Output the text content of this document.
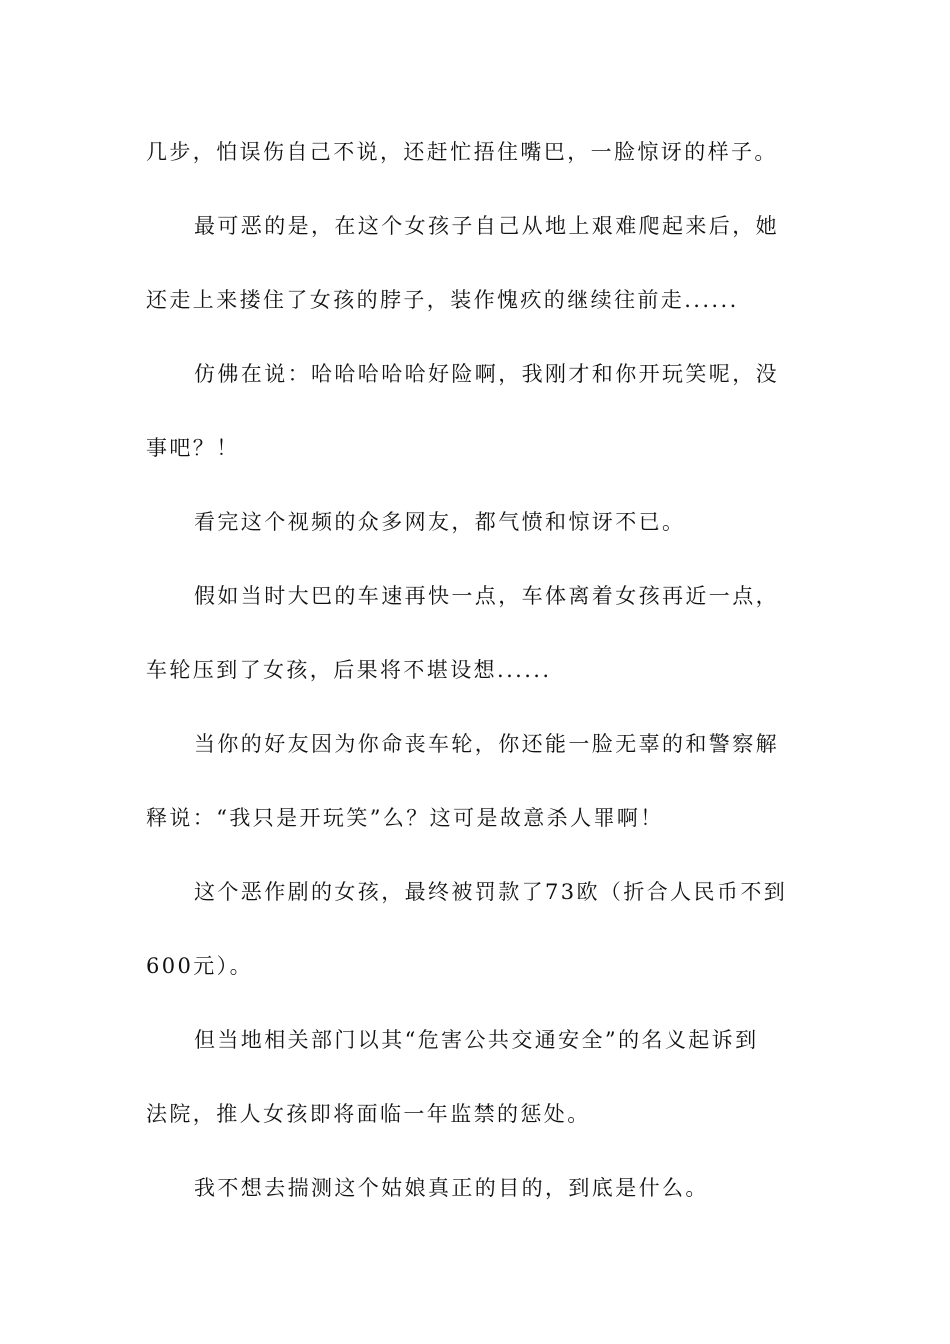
几步，怕误伤自己不说，还赶忙捂住嘴巴，一脸惊讶的样子。
最可恶的是，在这个女孩子自己从地上艰难爬起来后，她
还走上来搂住了女孩的脖子，装作愧疚的继续往前走......
仿佛在说：哈哈哈哈哈好险啊，我刚才和你开玩笑呢，没
事吧？！
看完这个视频的众多网友，都气愤和惊讶不已。
假如当时大巴的车速再快一点，车体离着女孩再近一点，
车轮压到了女孩，后果将不堪设想......
当你的好友因为你命丧车轮，你还能一脸无辜的和警察解
释说：“我只是开玩笑”么？这可是故意杀人罪啊！
这个恶作剧的女孩，最终被罚款了73欧（折合人民币不到
600元）。
但当地相关部门以其“危害公共交通安全”的名义起诉到
法院，推人女孩即将面临一年监禁的惩处。
我不想去揣测这个姑娘真正的目的，到底是什么。
